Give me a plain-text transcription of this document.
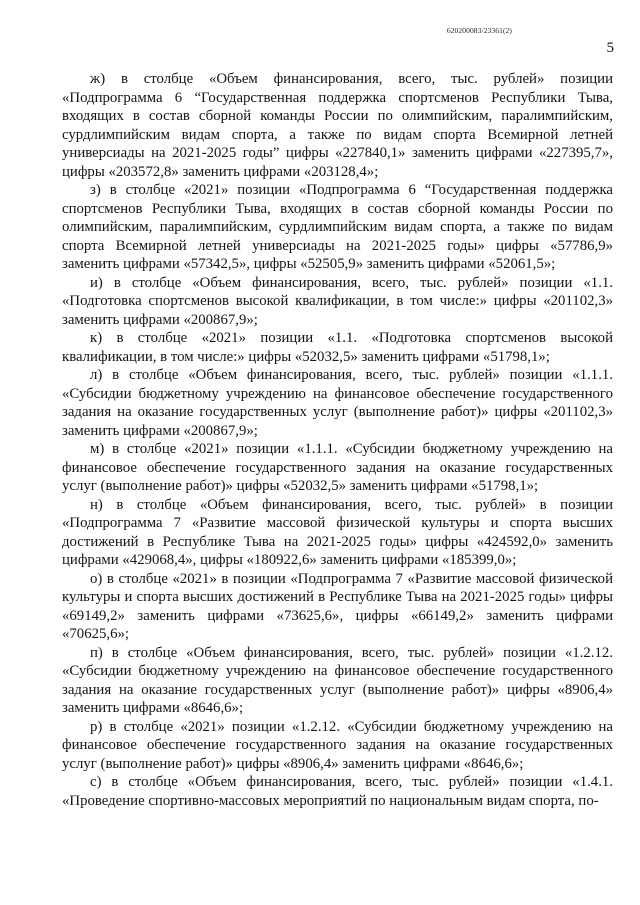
620200083/23361(2)
5

ж) в столбце «Объем финансирования, всего, тыс. рублей» позиции «Подпрограмма 6 “Государственная поддержка спортсменов Республики Тыва, входящих в состав сборной команды России по олимпийским, паралимпийским, сурдлимпийским видам спорта, а также по видам спорта Всемирной летней универсиады на 2021-2025 годы” цифры «227840,1» заменить цифрами «227395,7», цифры «203572,8» заменить цифрами «203128,4»;

з) в столбце «2021» позиции «Подпрограмма 6 “Государственная поддержка спортсменов Республики Тыва, входящих в состав сборной команды России по олимпийским, паралимпийским, сурдлимпийским видам спорта, а также по видам спорта Всемирной летней универсиады на 2021-2025 годы» цифры «57786,9» заменить цифрами «57342,5», цифры «52505,9» заменить цифрами «52061,5»;

и) в столбце «Объем финансирования, всего, тыс. рублей» позиции «1.1. «Подготовка спортсменов высокой квалификации, в том числе:» цифры «201102,3» заменить цифрами «200867,9»;

к) в столбце «2021» позиции «1.1. «Подготовка спортсменов высокой квалификации, в том числе:» цифры «52032,5» заменить цифрами «51798,1»;

л) в столбце «Объем финансирования, всего, тыс. рублей» позиции «1.1.1. «Субсидии бюджетному учреждению на финансовое обеспечение государственного задания на оказание государственных услуг (выполнение работ)» цифры «201102,3» заменить цифрами «200867,9»;

м) в столбце «2021» позиции «1.1.1. «Субсидии бюджетному учреждению на финансовое обеспечение государственного задания на оказание государственных услуг (выполнение работ)» цифры «52032,5» заменить цифрами «51798,1»;

н) в столбце «Объем финансирования, всего, тыс. рублей» в позиции «Подпрограмма 7 «Развитие массовой физической культуры и спорта высших достижений в Республике Тыва на 2021-2025 годы» цифры «424592,0» заменить цифрами «429068,4», цифры «180922,6» заменить цифрами «185399,0»;

о) в столбце «2021» в позиции «Подпрограмма 7 «Развитие массовой физической культуры и спорта высших достижений в Республике Тыва на 2021-2025 годы» цифры «69149,2» заменить цифрами «73625,6», цифры «66149,2» заменить цифрами «70625,6»;

п) в столбце «Объем финансирования, всего, тыс. рублей» позиции «1.2.12. «Субсидии бюджетному учреждению на финансовое обеспечение государственного задания на оказание государственных услуг (выполнение работ)» цифры «8906,4» заменить цифрами «8646,6»;

р) в столбце «2021» позиции «1.2.12. «Субсидии бюджетному учреждению на финансовое обеспечение государственного задания на оказание государственных услуг (выполнение работ)» цифры «8906,4» заменить цифрами «8646,6»;

с) в столбце «Объем финансирования, всего, тыс. рублей» позиции «1.4.1. «Проведение спортивно-массовых мероприятий по национальным видам спорта, по-
